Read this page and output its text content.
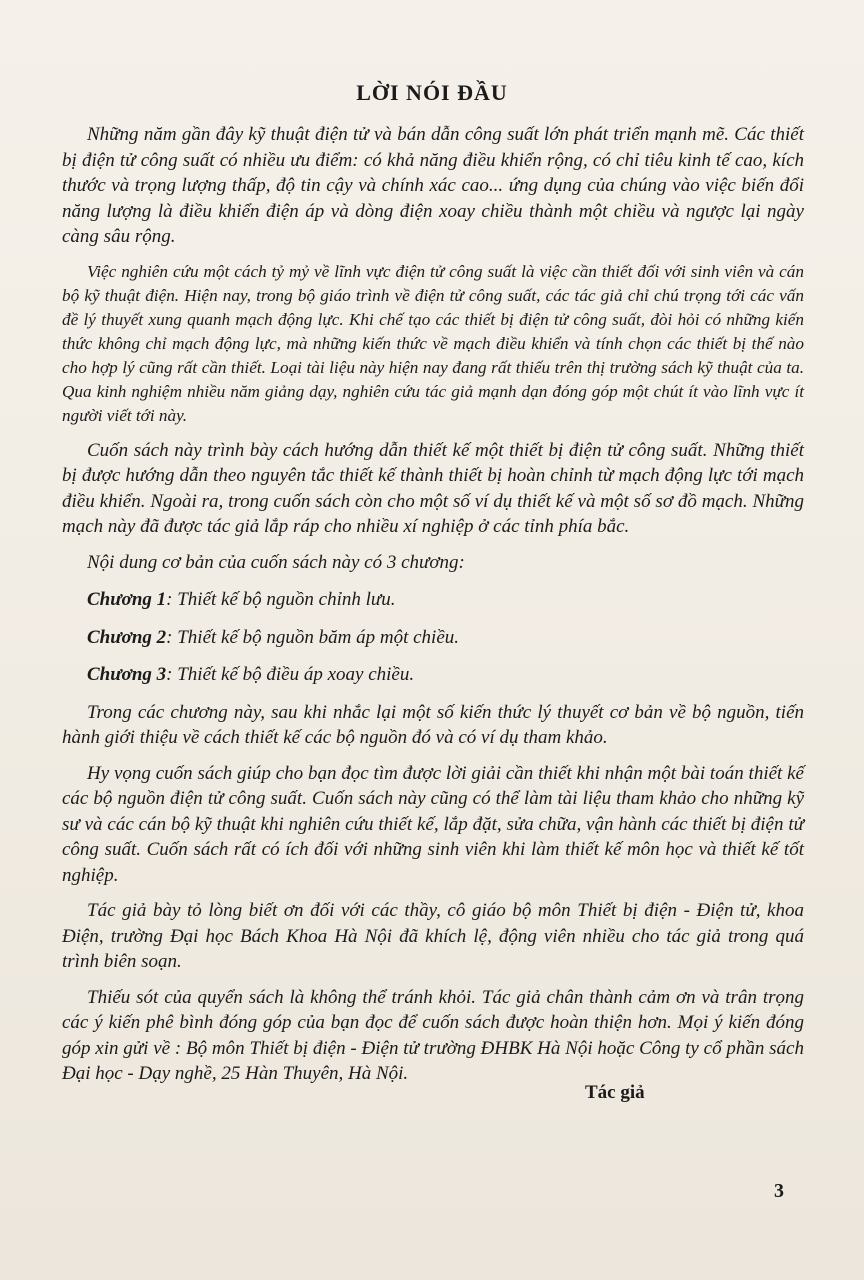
LỜI NÓI ĐẦU

Những năm gần đây kỹ thuật điện tử và bán dẫn công suất lớn phát triển mạnh mẽ. Các thiết bị điện tử công suất có nhiều ưu điểm: có khả năng điều khiển rộng, có chỉ tiêu kinh tế cao, kích thước và trọng lượng thấp, độ tin cậy và chính xác cao... ứng dụng của chúng vào việc biến đổi năng lượng là điều khiển điện áp và dòng điện xoay chiều thành một chiều và ngược lại ngày càng sâu rộng.

Việc nghiên cứu một cách tỷ mỷ về lĩnh vực điện tử công suất là việc cần thiết đối với sinh viên và cán bộ kỹ thuật điện. Hiện nay, trong bộ giáo trình về điện tử công suất, các tác giả chỉ chú trọng tới các vấn đề lý thuyết xung quanh mạch động lực. Khi chế tạo các thiết bị điện tử công suất, đòi hỏi có những kiến thức không chỉ mạch động lực, mà những kiến thức về mạch điều khiển và tính chọn các thiết bị thế nào cho hợp lý cũng rất cần thiết. Loại tài liệu này hiện nay đang rất thiếu trên thị trường sách kỹ thuật của ta. Qua kinh nghiệm nhiều năm giảng dạy, nghiên cứu tác giả mạnh dạn đóng góp một chút ít vào lĩnh vực ít người viết tới này.

Cuốn sách này trình bày cách hướng dẫn thiết kế một thiết bị điện tử công suất. Những thiết bị được hướng dẫn theo nguyên tắc thiết kế thành thiết bị hoàn chỉnh từ mạch động lực tới mạch điều khiển. Ngoài ra, trong cuốn sách còn cho một số ví dụ thiết kế và một số sơ đồ mạch. Những mạch này đã được tác giả lắp ráp cho nhiều xí nghiệp ở các tỉnh phía bắc.

Nội dung cơ bản của cuốn sách này có 3 chương:

Chương 1: Thiết kế bộ nguồn chỉnh lưu.

Chương 2: Thiết kế bộ nguồn băm áp một chiều.

Chương 3: Thiết kế bộ điều áp xoay chiều.

Trong các chương này, sau khi nhắc lại một số kiến thức lý thuyết cơ bản về bộ nguồn, tiến hành giới thiệu về cách thiết kế các bộ nguồn đó và có ví dụ tham khảo.

Hy vọng cuốn sách giúp cho bạn đọc tìm được lời giải cần thiết khi nhận một bài toán thiết kế các bộ nguồn điện tử công suất. Cuốn sách này cũng có thể làm tài liệu tham khảo cho những kỹ sư và các cán bộ kỹ thuật khi nghiên cứu thiết kế, lắp đặt, sửa chữa, vận hành các thiết bị điện tử công suất. Cuốn sách rất có ích đối với những sinh viên khi làm thiết kế môn học và thiết kế tốt nghiệp.

Tác giả bày tỏ lòng biết ơn đối với các thầy, cô giáo bộ môn Thiết bị điện - Điện tử, khoa Điện, trường Đại học Bách Khoa Hà Nội đã khích lệ, động viên nhiều cho tác giả trong quá trình biên soạn.

Thiếu sót của quyển sách là không thể tránh khỏi. Tác giả chân thành cảm ơn và trân trọng các ý kiến phê bình đóng góp của bạn đọc để cuốn sách được hoàn thiện hơn. Mọi ý kiến đóng góp xin gửi về : Bộ môn Thiết bị điện - Điện tử trường ĐHBK Hà Nội hoặc Công ty cổ phần sách Đại học - Dạy nghề, 25 Hàn Thuyên, Hà Nội.

Tác giả
3
